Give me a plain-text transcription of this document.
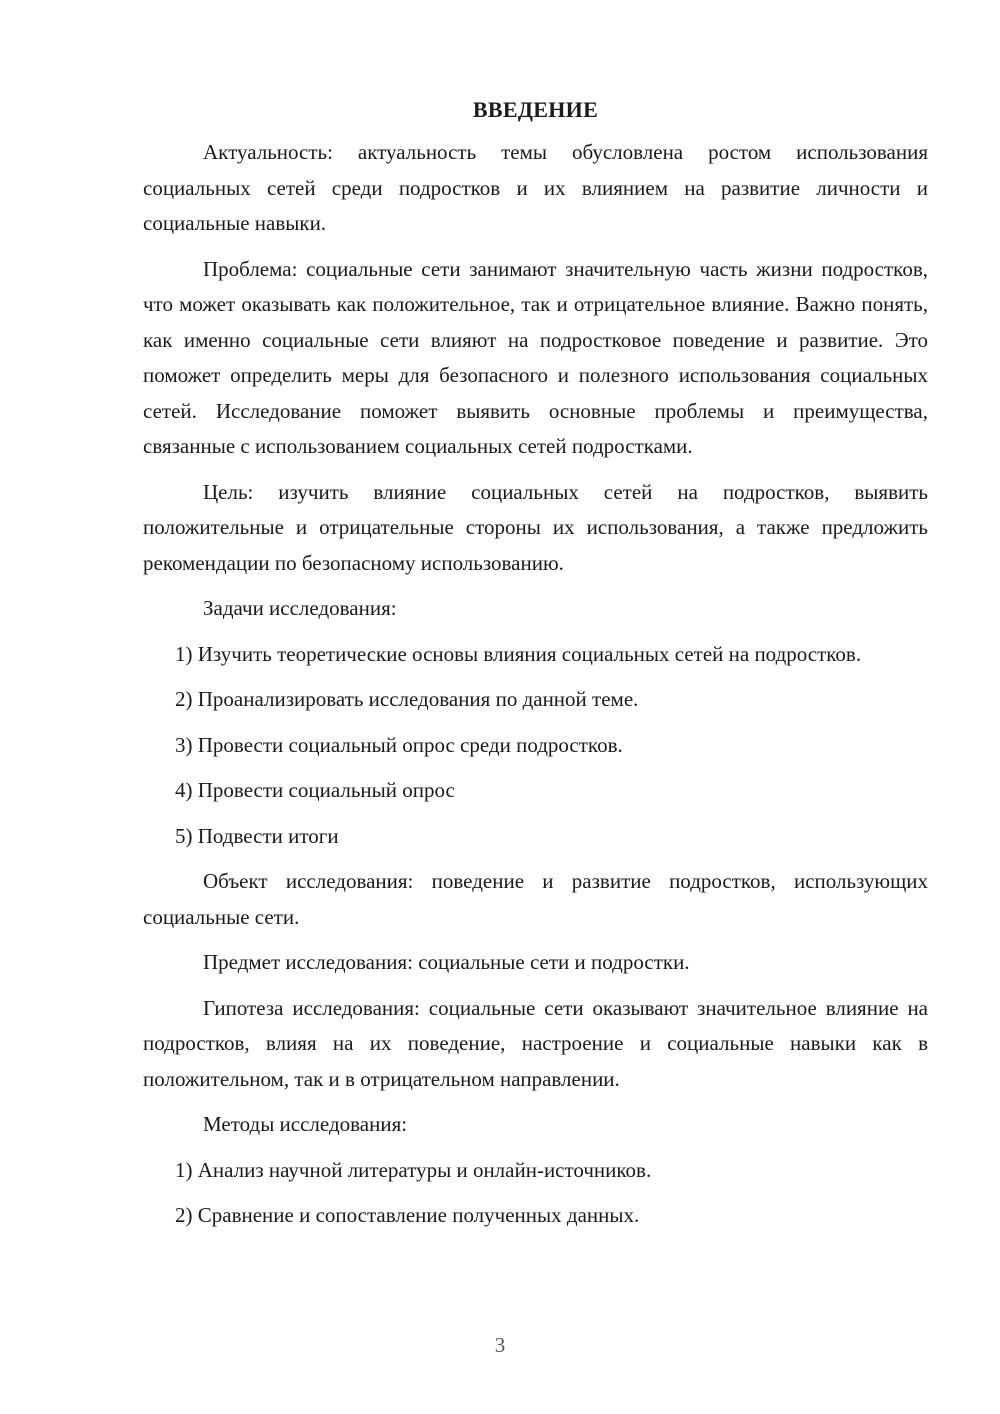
ВВЕДЕНИЕ

Актуальность: актуальность темы обусловлена ростом использования социальных сетей среди подростков и их влиянием на развитие личности и социальные навыки.

Проблема: социальные сети занимают значительную часть жизни подростков, что может оказывать как положительное, так и отрицательное влияние. Важно понять, как именно социальные сети влияют на подростковое поведение и развитие. Это поможет определить меры для безопасного и полезного использования социальных сетей. Исследование поможет выявить основные проблемы и преимущества, связанные с использованием социальных сетей подростками.

Цель: изучить влияние социальных сетей на подростков, выявить положительные и отрицательные стороны их использования, а также предложить рекомендации по безопасному использованию.

Задачи исследования:

1) Изучить теоретические основы влияния социальных сетей на подростков.

2) Проанализировать исследования по данной теме.

3) Провести социальный опрос среди подростков.

4) Провести социальный опрос

5) Подвести итоги

Объект исследования: поведение и развитие подростков, использующих социальные сети.

Предмет исследования: социальные сети и подростки.

Гипотеза исследования: социальные сети оказывают значительное влияние на подростков, влияя на их поведение, настроение и социальные навыки как в положительном, так и в отрицательном направлении.

Методы исследования:

1) Анализ научной литературы и онлайн-источников.

2) Сравнение и сопоставление полученных данных.

3
